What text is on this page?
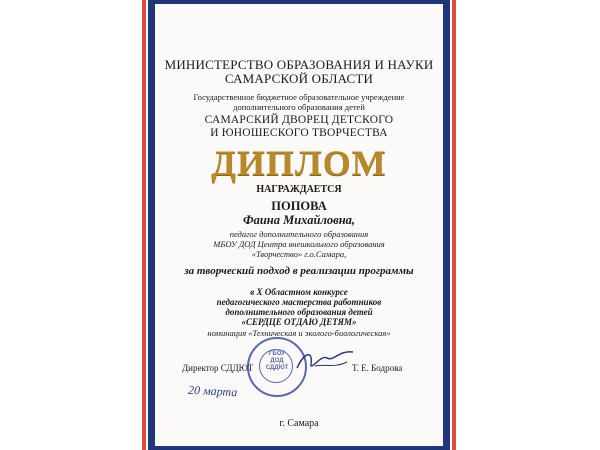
МИНИСТЕРСТВО ОБРАЗОВАНИЯ И НАУКИ
САМАРСКОЙ ОБЛАСТИ
Государственное бюджетное образовательное учреждение
дополнительного образования детей
САМАРСКИЙ ДВОРЕЦ ДЕТСКОГО
И ЮНОШЕСКОГО ТВОРЧЕСТВА
ДИПЛОМ
НАГРАЖДАЕТСЯ
ПОПОВА
Фаина Михайловна,
педагог дополнительного образования
МБОУ ДОД Центра внешкольного образования
«Творчество» г.о.Самара,
за творческий подход в реализации программы
в X Областном конкурсе
педагогического мастерства работников
дополнительного образования детей
«СЕРДЦЕ ОТДАЮ ДЕТЯМ»
номинация «Техническая и эколого-биологическая»
Директор СДДЮТ	Т. Е. Бодрова
ГБОУ
ДОД
СДДЮТ
20 марта
г. Самара
